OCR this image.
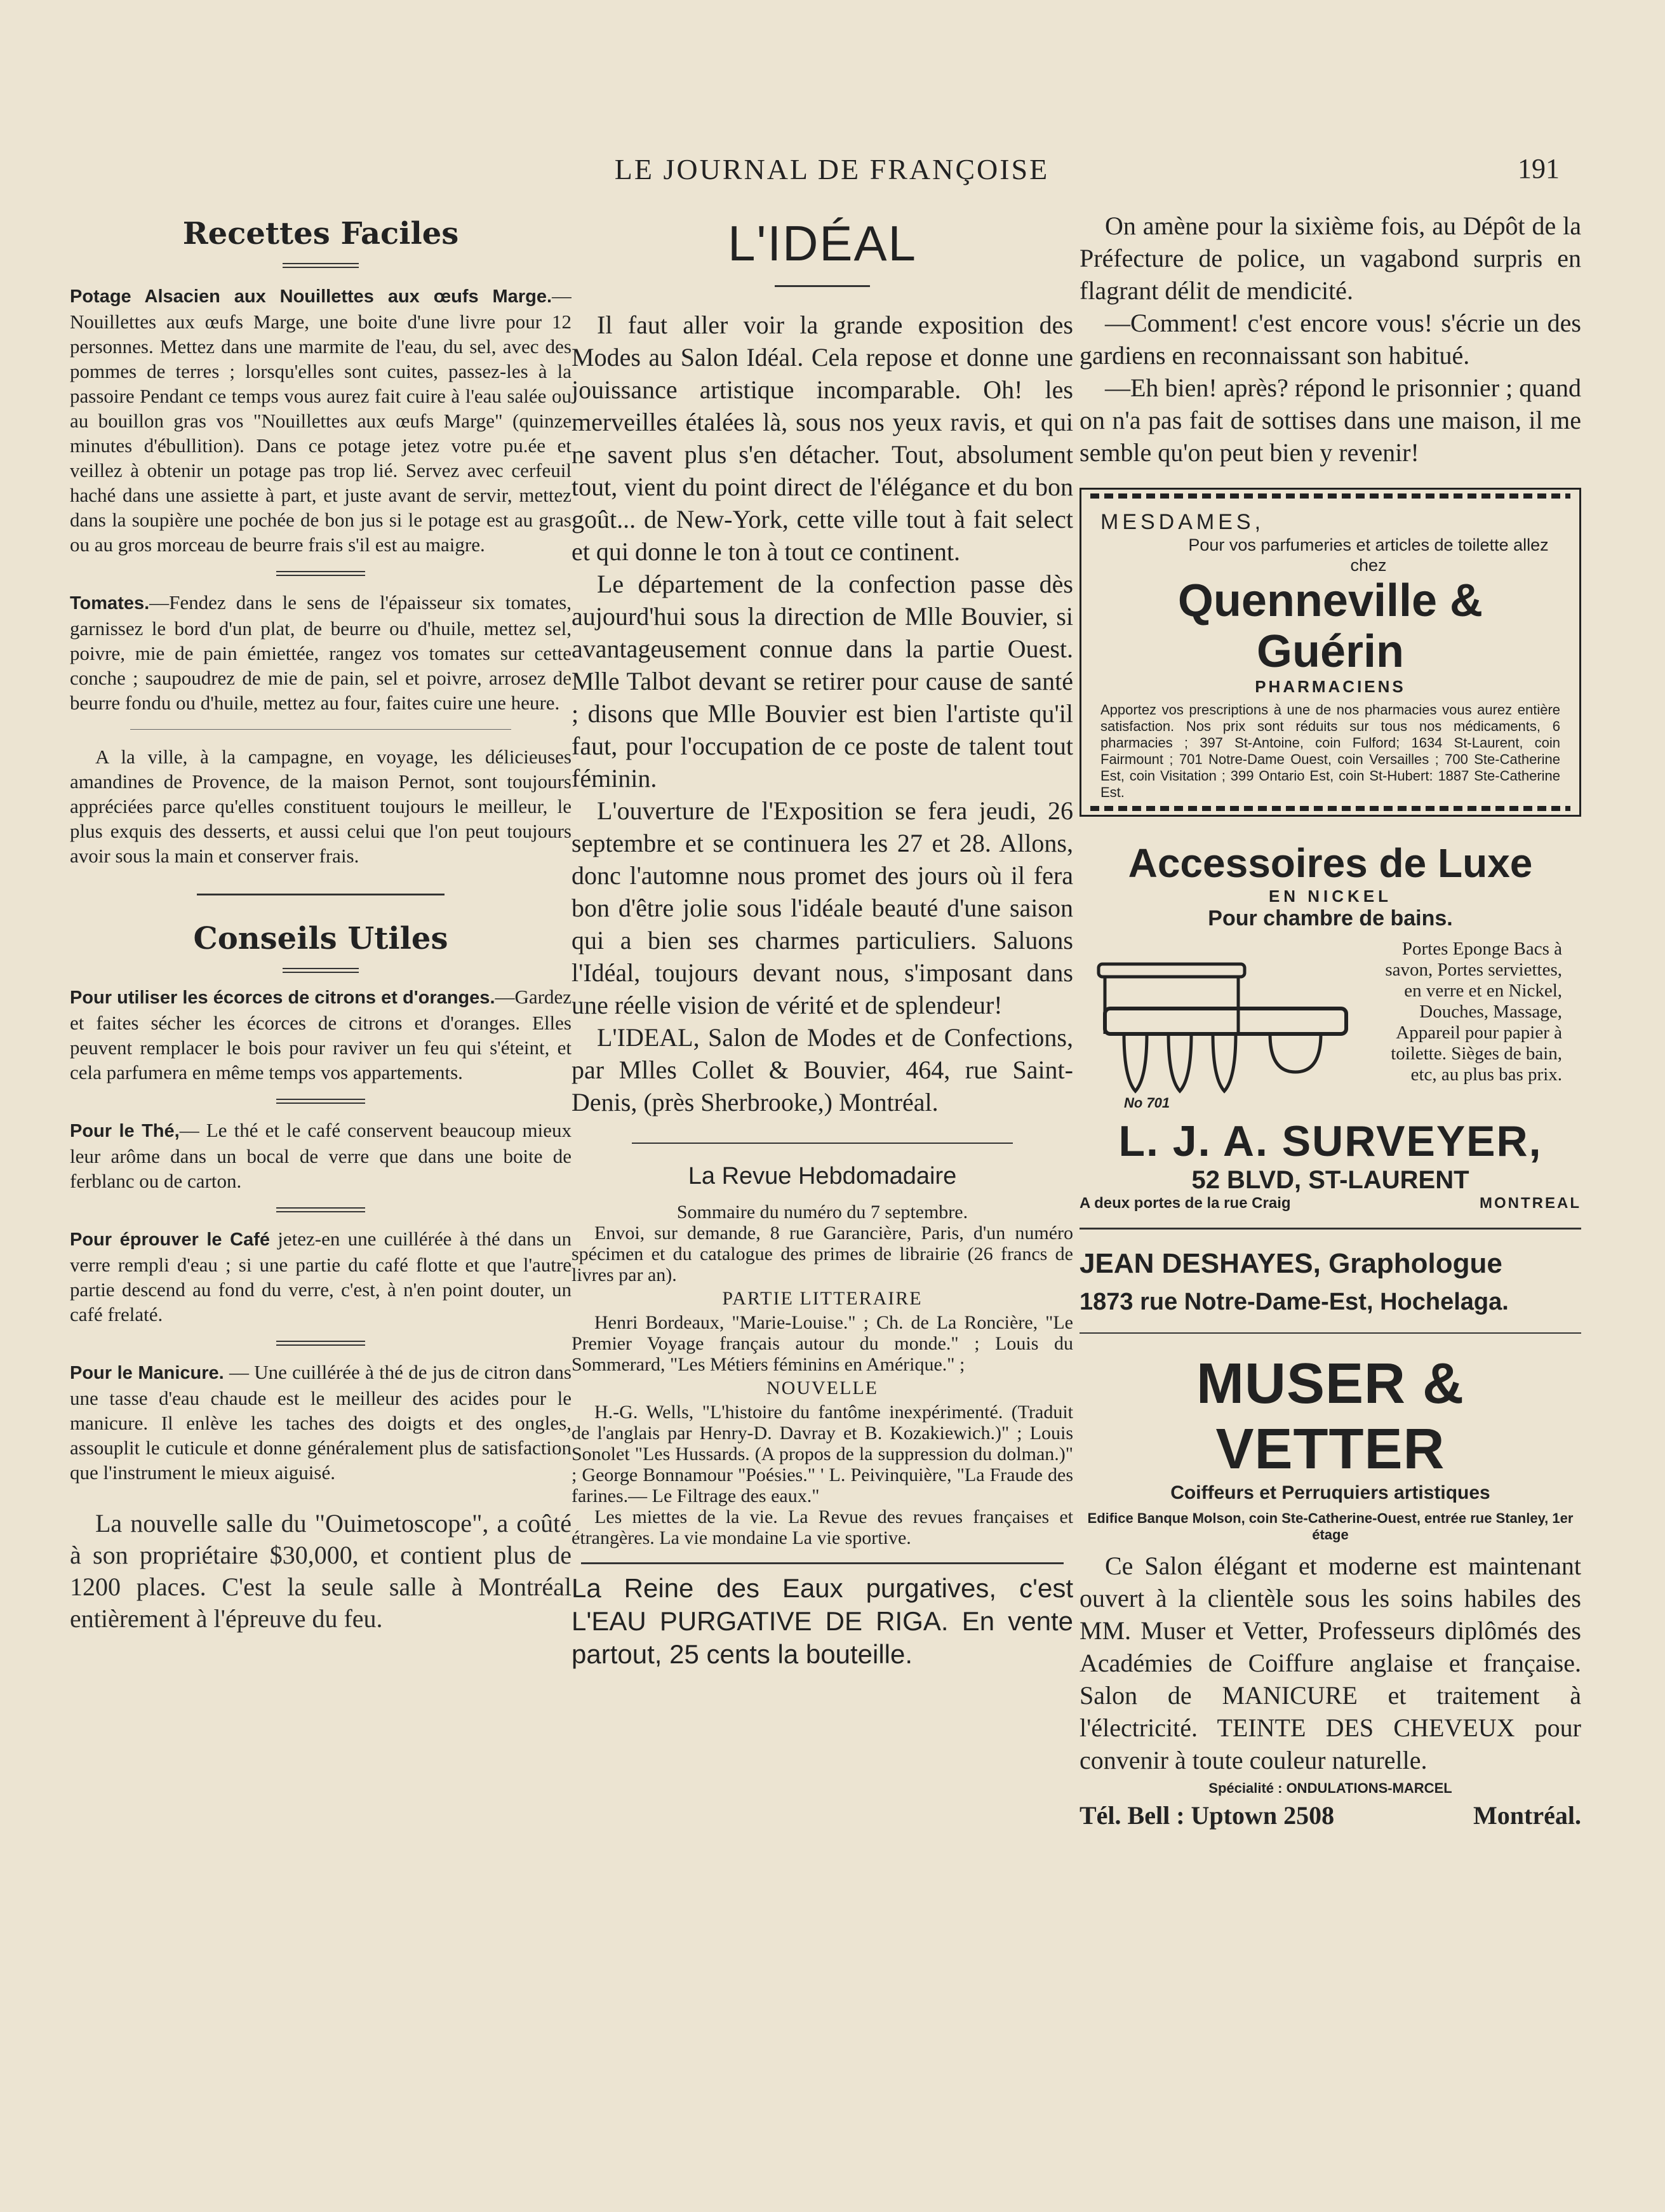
LE JOURNAL DE FRANÇOISE	191
Recettes Faciles

Potage Alsacien aux Nouillettes aux œufs Marge.—Nouillettes aux œufs Marge, une boite d'une livre pour 12 personnes. Mettez dans une marmite de l'eau, du sel, avec des pommes de terres ; lorsqu'elles sont cuites, passez-les à la passoire Pendant ce temps vous aurez fait cuire à l'eau salée ou au bouillon gras vos "Nouillettes aux œufs Marge" (quinze minutes d'ébullition). Dans ce potage jetez votre pu.ée et veillez à obtenir un potage pas trop lié. Servez avec cerfeuil haché dans une assiette à part, et juste avant de servir, mettez dans la soupière une pochée de bon jus si le potage est au gras ou au gros morceau de beurre frais s'il est au maigre.

Tomates.—Fendez dans le sens de l'épaisseur six tomates, garnissez le bord d'un plat, de beurre ou d'huile, mettez sel, poivre, mie de pain émiettée, rangez vos tomates sur cette conche ; saupoudrez de mie de pain, sel et poivre, arrosez de beurre fondu ou d'huile, mettez au four, faites cuire une heure.

A la ville, à la campagne, en voyage, les délicieuses amandines de Provence, de la maison Pernot, sont toujours appréciées parce qu'elles constituent toujours le meilleur, le plus exquis des desserts, et aussi celui que l'on peut toujours avoir sous la main et conserver frais.

Conseils Utiles

Pour utiliser les écorces de citrons et d'oranges.—Gardez et faites sécher les écorces de citrons et d'oranges. Elles peuvent remplacer le bois pour raviver un feu qui s'éteint, et cela parfumera en même temps vos appartements.

Pour le Thé,— Le thé et le café conservent beaucoup mieux leur arôme dans un bocal de verre que dans une boite de ferblanc ou de carton.

Pour éprouver le Café jetez-en une cuillérée à thé dans un verre rempli d'eau ; si une partie du café flotte et que l'autre partie descend au fond du verre, c'est, à n'en point douter, un café frelaté.

Pour le Manicure. — Une cuillérée à thé de jus de citron dans une tasse d'eau chaude est le meilleur des acides pour le manicure. Il enlève les taches des doigts et des ongles, assouplit le cuticule et donne généralement plus de satisfaction que l'instrument le mieux aiguisé.

La nouvelle salle du "Ouimetoscope", a coûté à son propriétaire $30,000, et contient plus de 1200 places. C'est la seule salle à Montréal entièrement à l'épreuve du feu.

L'IDÉAL

Il faut aller voir la grande exposition des Modes au Salon Idéal. Cela repose et donne une jouissance artistique incomparable. Oh! les merveilles étalées là, sous nos yeux ravis, et qui ne savent plus s'en détacher. Tout, absolument tout, vient du point direct de l'élégance et du bon goût... de New-York, cette ville tout à fait select et qui donne le ton à tout ce continent.

Le département de la confection passe dès aujourd'hui sous la direction de Mlle Bouvier, si avantageusement connue dans la partie Ouest. Mlle Talbot devant se retirer pour cause de santé ; disons que Mlle Bouvier est bien l'artiste qu'il faut, pour l'occupation de ce poste de talent tout féminin.

L'ouverture de l'Exposition se fera jeudi, 26 septembre et se continuera les 27 et 28. Allons, donc l'automne nous promet des jours où il fera bon d'être jolie sous l'idéale beauté d'une saison qui a bien ses charmes particuliers. Saluons l'Idéal, toujours devant nous, s'imposant dans une réelle vision de vérité et de splendeur!

L'IDEAL, Salon de Modes et de Confections, par Mlles Collet & Bouvier, 464, rue Saint-Denis, (près Sherbrooke,) Montréal.

La Revue Hebdomadaire

Sommaire du numéro du 7 septembre.

Envoi, sur demande, 8 rue Garancière, Paris, d'un numéro spécimen et du catalogue des primes de librairie (26 francs de livres par an).

PARTIE LITTERAIRE

Henri Bordeaux, "Marie-Louise." ; Ch. de La Roncière, "Le Premier Voyage français autour du monde." ; Louis du Sommerard, "Les Métiers féminins en Amérique." ;

NOUVELLE

H.-G. Wells, "L'histoire du fantôme inexpérimenté. (Traduit de l'anglais par Henry-D. Davray et B. Kozakiewich.)" ; Louis Sonolet "Les Hussards. (A propos de la suppression du dolman.)" ; George Bonnamour "Poésies." ' L. Peivinquière, "La Fraude des farines.— Le Filtrage des eaux."

Les miettes de la vie. La Revue des revues françaises et étrangères. La vie mondaine La vie sportive.

La Reine des Eaux purgatives, c'est L'EAU PURGATIVE DE RIGA. En vente partout, 25 cents la bouteille.

On amène pour la sixième fois, au Dépôt de la Préfecture de police, un vagabond surpris en flagrant délit de mendicité.

—Comment! c'est encore vous! s'écrie un des gardiens en reconnaissant son habitué.

—Eh bien! après? répond le prisonnier ; quand on n'a pas fait de sottises dans une maison, il me semble qu'on peut bien y revenir!

MESDAMES,
Pour vos parfumeries et articles de toilette allez chez
Quenneville & Guérin
PHARMACIENS

Apportez vos prescriptions à une de nos pharmacies vous aurez entière satisfaction. Nos prix sont réduits sur tous nos médicaments, 6 pharmacies ; 397 St-Antoine, coin Fulford; 1634 St-Laurent, coin Fairmount ; 701 Notre-Dame Ouest, coin Versailles ; 700 Ste-Catherine Est, coin Visitation ; 399 Ontario Est, coin St-Hubert: 1887 Ste-Catherine Est.

Accessoires de Luxe
EN NICKEL
Pour chambre de bains.
No 701

Portes Eponge Bacs à savon, Portes serviettes, en verre et en Nickel, Douches, Massage, Appareil pour papier à toilette. Sièges de bain, etc, au plus bas prix.

L. J. A. SURVEYER,
52 BLVD, ST-LAURENT
A deux portes de la rue Craig	MONTREAL
JEAN DESHAYES, Graphologue
1873 rue Notre-Dame-Est, Hochelaga.
MUSER & VETTER
Coiffeurs et Perruquiers artistiques
Edifice Banque Molson, coin Ste-Catherine-Ouest, entrée rue Stanley, 1er étage

Ce Salon élégant et moderne est maintenant ouvert à la clientèle sous les soins habiles des MM. Muser et Vetter, Professeurs diplômés des Académies de Coiffure anglaise et française. Salon de MANICURE et traitement à l'électricité. TEINTE DES CHEVEUX pour convenir à toute couleur naturelle.

Spécialité : ONDULATIONS-MARCEL
Tél. Bell : Uptown 2508	Montréal.
